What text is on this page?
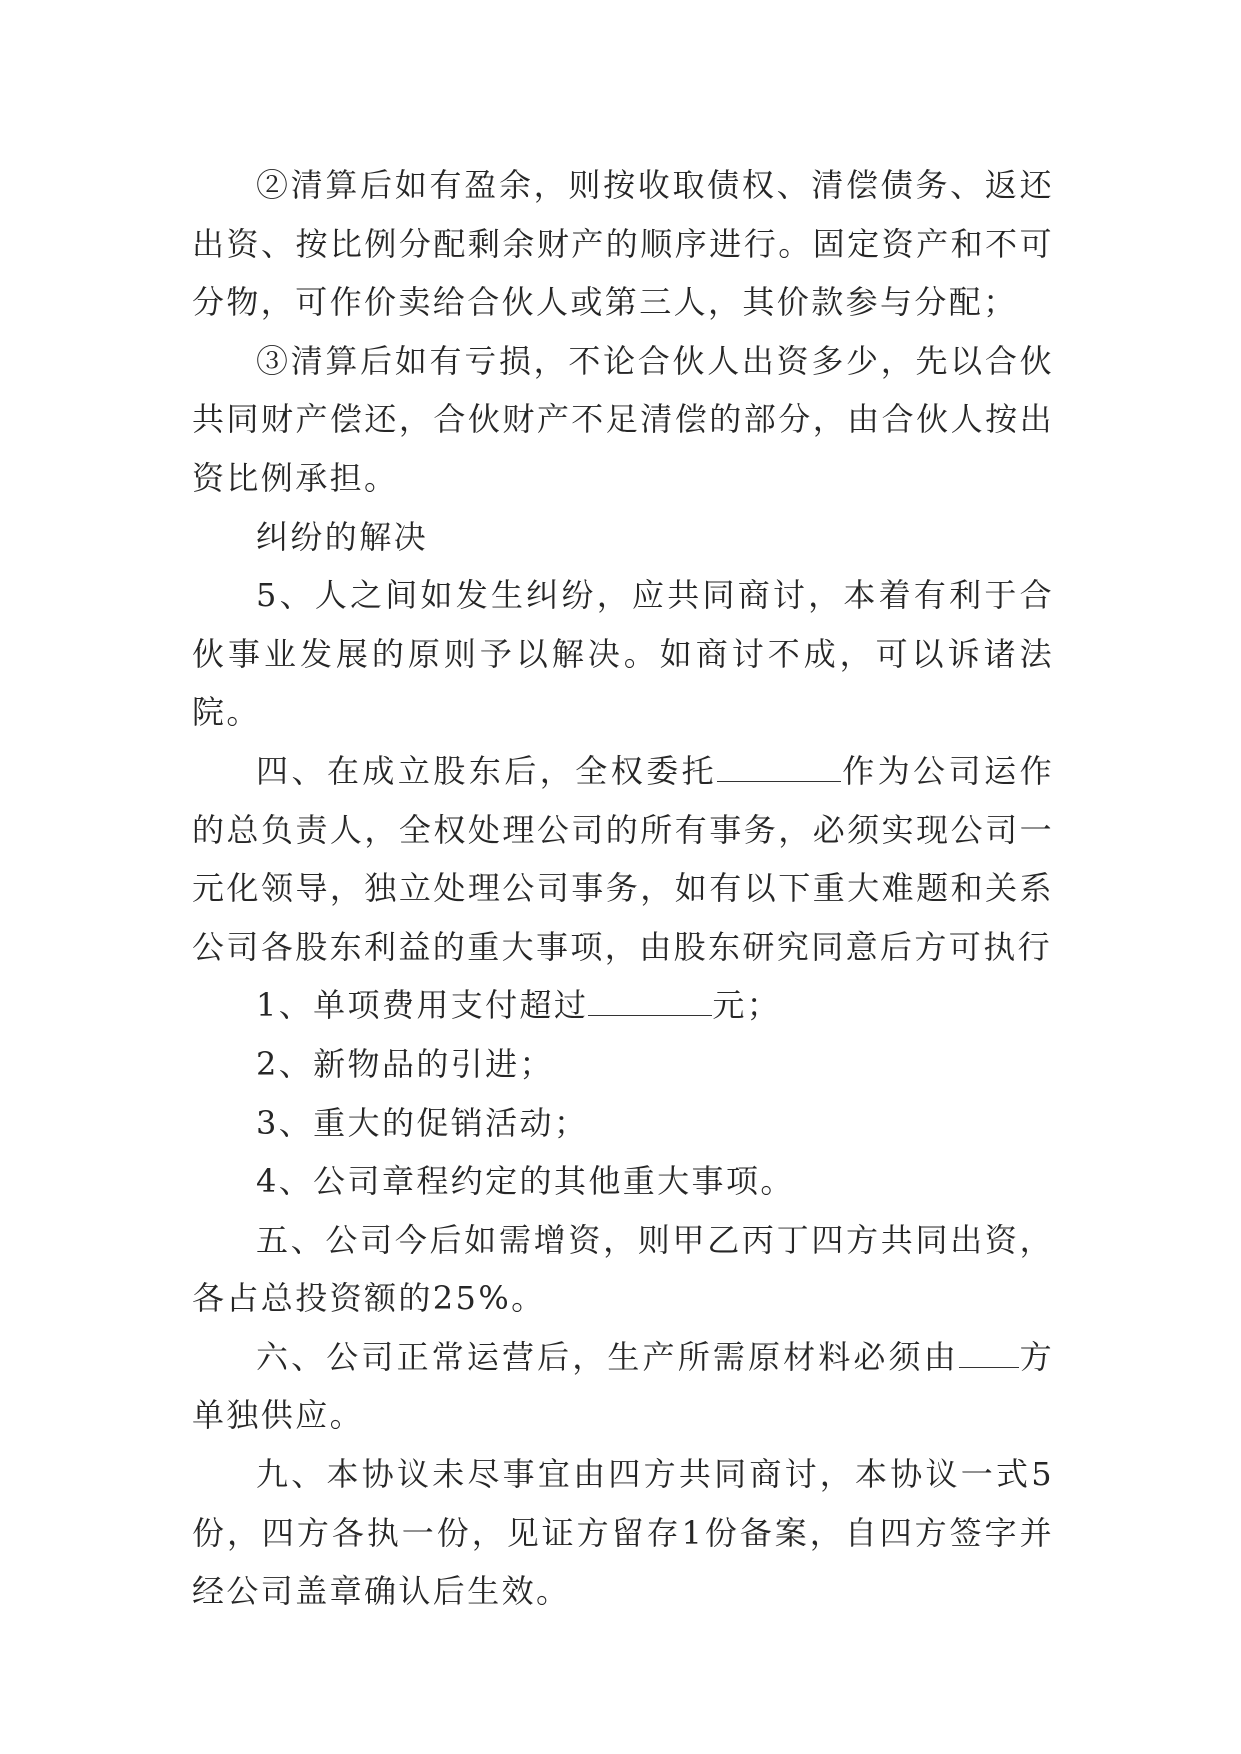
②清算后如有盈余，则按收取债权、清偿债务、返还出资、按比例分配剩余财产的顺序进行。固定资产和不可分物，可作价卖给合伙人或第三人，其价款参与分配；

③清算后如有亏损，不论合伙人出资多少，先以合伙共同财产偿还，合伙财产不足清偿的部分，由合伙人按出资比例承担。

纠纷的解决

5、人之间如发生纠纷，应共同商讨，本着有利于合伙事业发展的原则予以解决。如商讨不成，可以诉诸法院。

四、在成立股东后，全权委托	作为公司运作的总负责人，全权处理公司的所有事务，必须实现公司一元化领导，独立处理公司事务，如有以下重大难题和关系公司各股东利益的重大事项，由股东研究同意后方可执行

1、单项费用支付超过	元；

2、新物品的引进；

3、重大的促销活动；

4、公司章程约定的其他重大事项。

五、公司今后如需增资，则甲乙丙丁四方共同出资，各占总投资额的25%。

六、公司正常运营后，生产所需原材料必须由 方单独供应。

九、本协议未尽事宜由四方共同商讨，本协议一式5份，四方各执一份，见证方留存1份备案，自四方签字并经公司盖章确认后生效。
